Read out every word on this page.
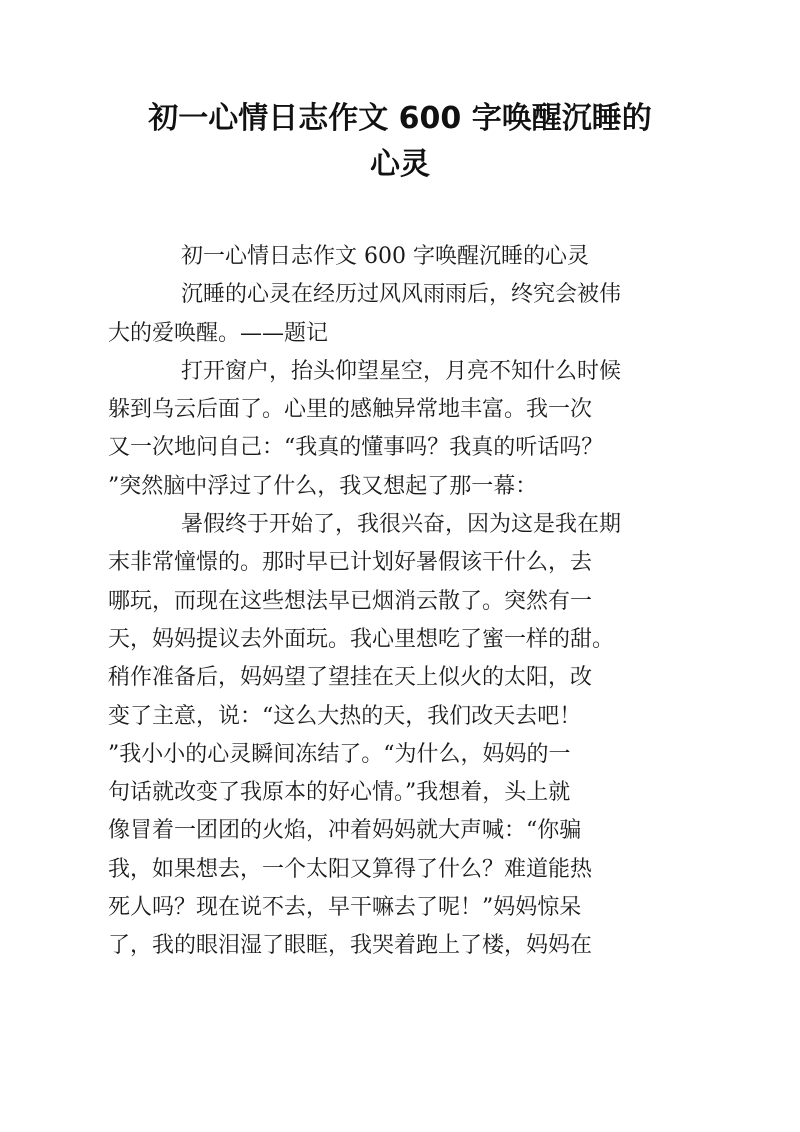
初一心情日志作文 600 字唤醒沉睡的
心灵
初一心情日志作文 600 字唤醒沉睡的心灵
沉睡的心灵在经历过风风雨雨后，终究会被伟
大的爱唤醒。——题记
打开窗户，抬头仰望星空，月亮不知什么时候
躲到乌云后面了。心里的感触异常地丰富。我一次
又一次地问自己：“我真的懂事吗？我真的听话吗？
”突然脑中浮过了什么，我又想起了那一幕：
暑假终于开始了，我很兴奋，因为这是我在期
末非常憧憬的。那时早已计划好暑假该干什么，去
哪玩，而现在这些想法早已烟消云散了。突然有一
天，妈妈提议去外面玩。我心里想吃了蜜一样的甜。
稍作准备后，妈妈望了望挂在天上似火的太阳，改
变了主意，说：“这么大热的天，我们改天去吧！
”我小小的心灵瞬间冻结了。“为什么，妈妈的一
句话就改变了我原本的好心情。”我想着，头上就
像冒着一团团的火焰，冲着妈妈就大声喊：“你骗
我，如果想去，一个太阳又算得了什么？难道能热
死人吗？现在说不去，早干嘛去了呢！”妈妈惊呆
了，我的眼泪湿了眼眶，我哭着跑上了楼，妈妈在
